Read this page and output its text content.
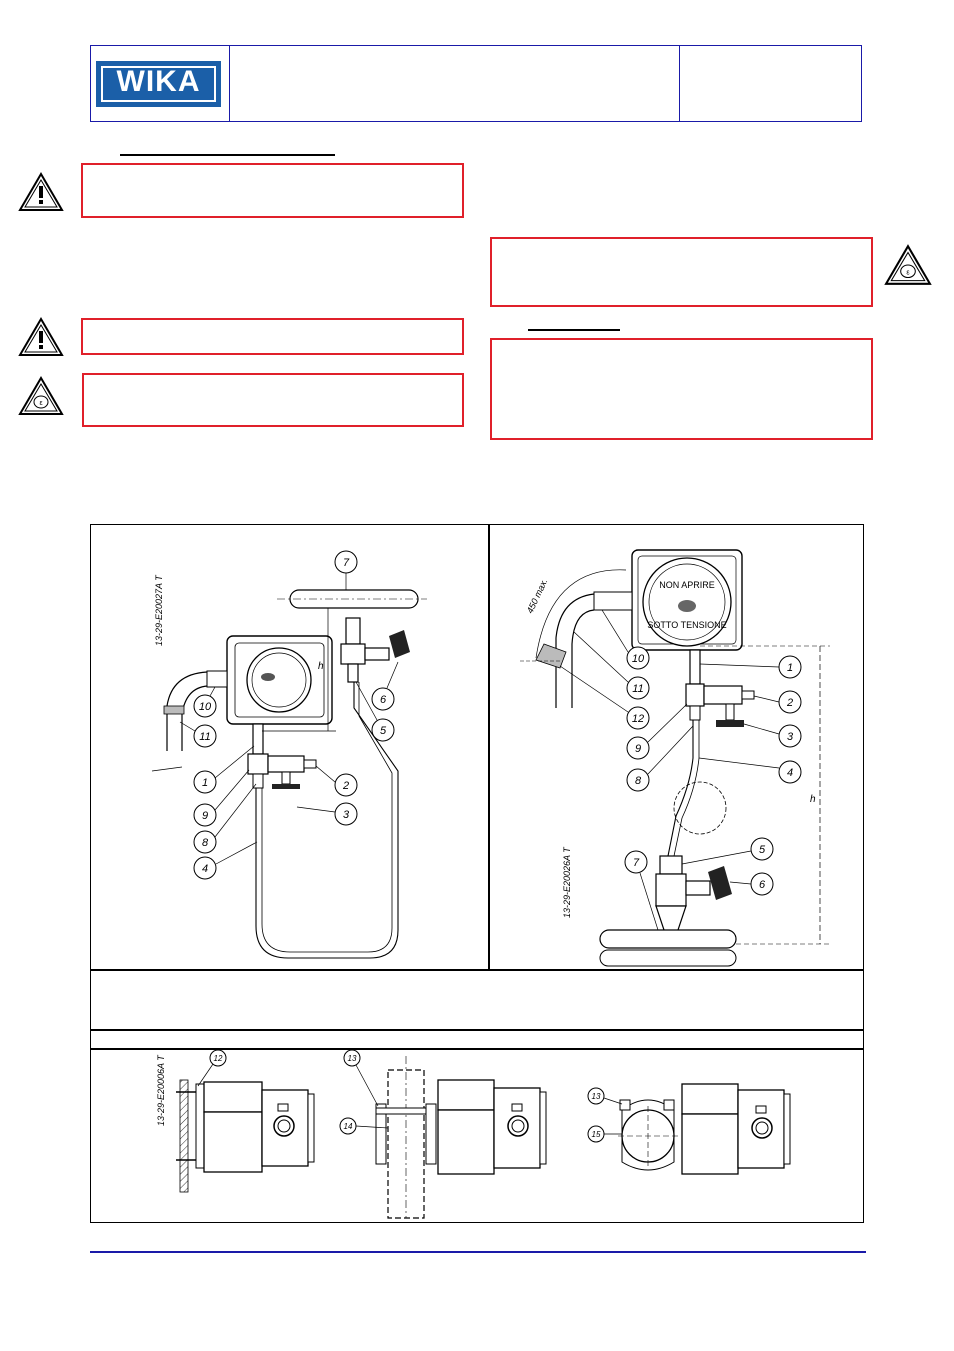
WIKA
ε
ε
13-29-E20027A T
h
7
6
5
10
11
1
9
8
4
2
3
13-29-E20026A T
NON APRIRE
SOTTO TENSIONE
450 max.
h
10
11
12
9
8
1
2
3
4
5
6
7
13-29-E20006A T	12	13
14
13
15
